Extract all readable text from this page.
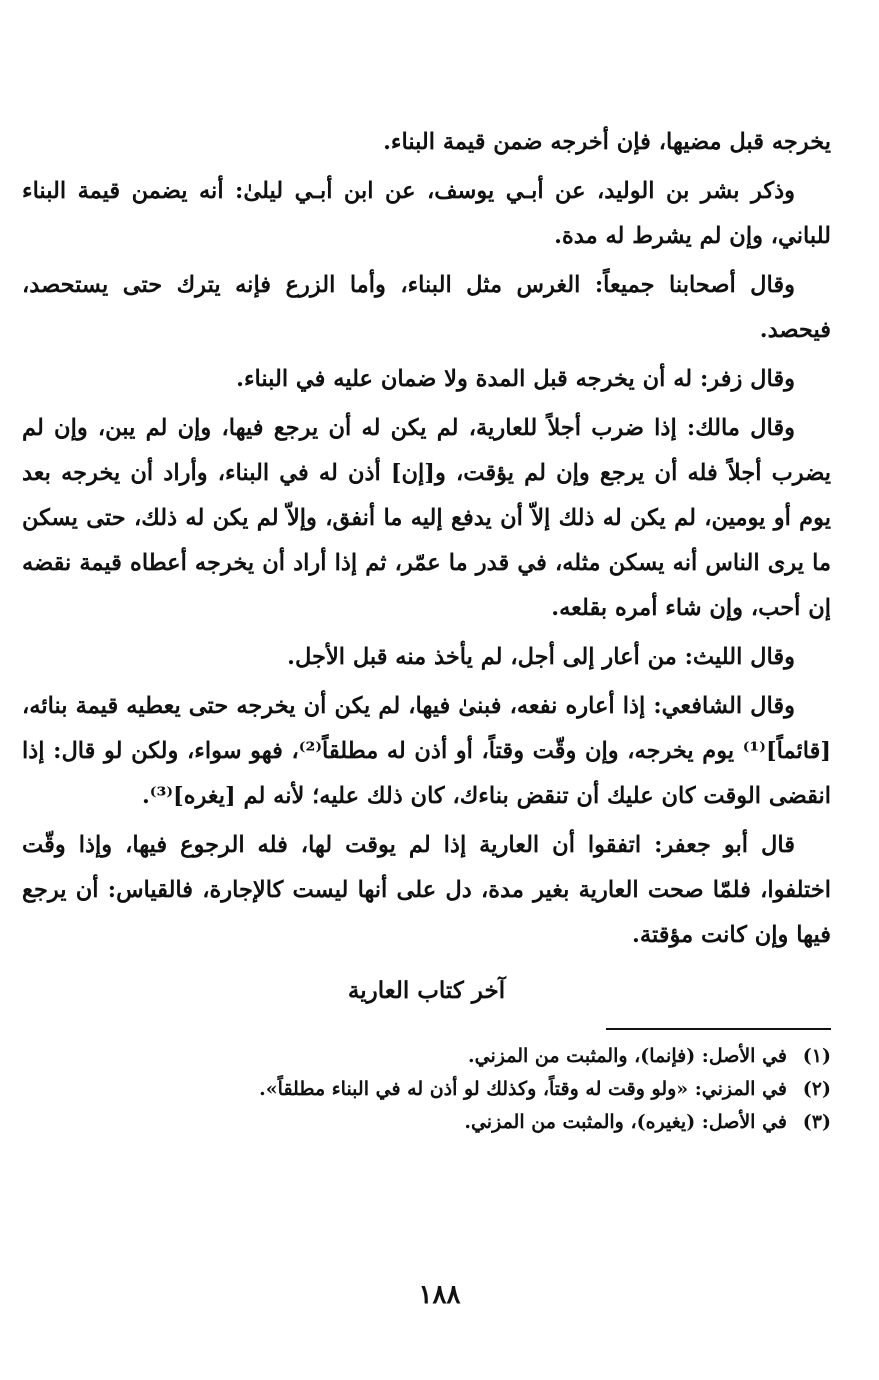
يخرجه قبل مضيها، فإن أخرجه ضمن قيمة البناء.

وذكر بشر بن الوليد، عن أبـي يوسف، عن ابن أبـي ليلىٰ: أنه يضمن قيمة البناء للباني، وإن لم يشرط له مدة.

وقال أصحابنا جميعاً: الغرس مثل البناء، وأما الزرع فإنه يترك حتى يستحصد، فيحصد.

وقال زفر: له أن يخرجه قبل المدة ولا ضمان عليه في البناء.

وقال مالك: إذا ضرب أجلاً للعارية، لم يكن له أن يرجع فيها، وإن لم يبن، وإن لم يضرب أجلاً فله أن يرجع وإن لم يؤقت، و[إن] أذن له في البناء، وأراد أن يخرجه بعد يوم أو يومين، لم يكن له ذلك إلاّ أن يدفع إليه ما أنفق، وإلاّ لم يكن له ذلك، حتى يسكن ما يرى الناس أنه يسكن مثله، في قدر ما عمّر، ثم إذا أراد أن يخرجه أعطاه قيمة نقضه إن أحب، وإن شاء أمره بقلعه.

وقال الليث: من أعار إلى أجل، لم يأخذ منه قبل الأجل.

وقال الشافعي: إذا أعاره نفعه، فبنىٰ فيها، لم يكن أن يخرجه حتى يعطيه قيمة بنائه، [قائماً]⁽¹⁾ يوم يخرجه، وإن وقّت وقتاً، أو أذن له مطلقاً⁽²⁾، فهو سواء، ولكن لو قال: إذا انقضى الوقت كان عليك أن تنقض بناءك، كان ذلك عليه؛ لأنه لم [يغره]⁽³⁾.

قال أبو جعفر: اتفقوا أن العارية إذا لم يوقت لها، فله الرجوع فيها، وإذا وقّت اختلفوا، فلمّا صحت العارية بغير مدة، دل على أنها ليست كالإجارة، فالقياس: أن يرجع فيها وإن كانت مؤقتة.

آخر كتاب العارية
(١)
في الأصل: (فإنما)، والمثبت من المزني.
(٢)
في المزني: «ولو وقت له وقتاً، وكذلك لو أذن له في البناء مطلقاً».
(٣)
في الأصل: (يغيره)، والمثبت من المزني.
١٨٨
